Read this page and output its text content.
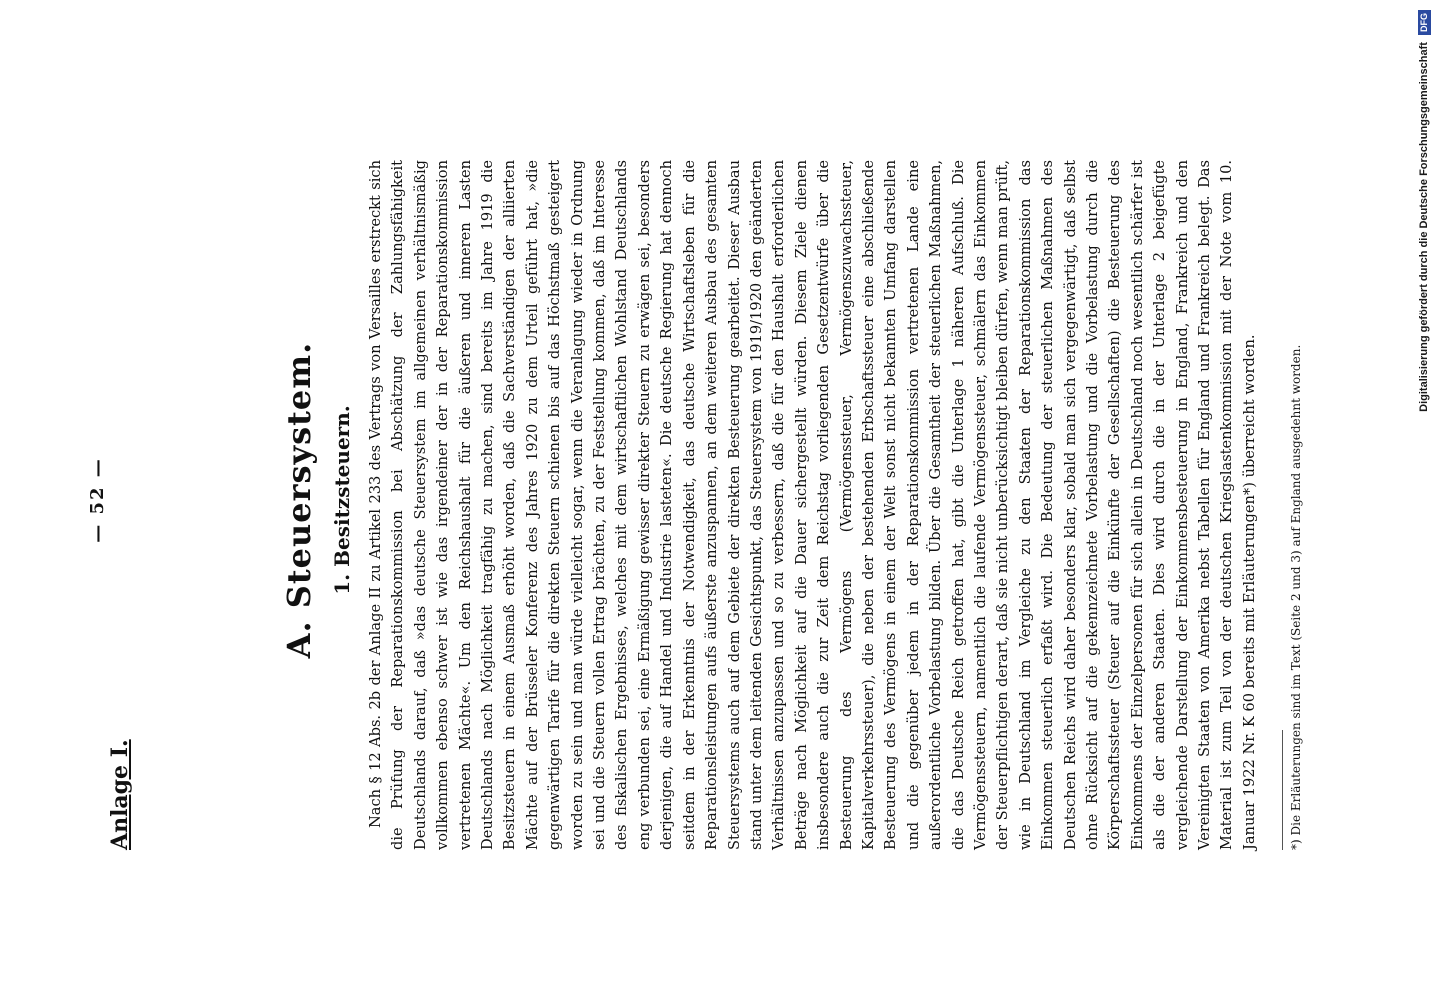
— 52 —
Anlage I.
A. Steuersystem. 1. Besitzsteuern. Nach § 12 Abs. 2b der Anlage II zu Artikel 233 des Vertrags von Versailles erstreckt sich die Prüfung der Reparationskommission bei Abschätzung der Zahlungsfähigkeit Deutschlands darauf, daß »das deutsche Steuersystem im allgemeinen verhältnismäßig vollkommen ebenso schwer ist wie das irgendeiner der in der Reparationskommission vertretenen Mächte«. Um den Reichshaushalt für die äußeren und inneren Lasten Deutschlands nach Möglichkeit tragfähig zu machen, sind bereits im Jahre 1919 die Besitzsteuern in einem Ausmaß erhöht worden, daß die Sachverständigen der alliierten Mächte auf der Brüsseler Konferenz des Jahres 1920 zu dem Urteil geführt hat, »die gegenwärtigen Tarife für die direkten Steuern schienen bis auf das Höchstmaß gesteigert worden zu sein und man würde vielleicht sogar, wenn die Veranlagung wieder in Ordnung sei und die Steuern vollen Ertrag brächten, zu der Feststellung kommen, daß im Interesse des fiskalischen Ergebnisses, welches mit dem wirtschaftlichen Wohlstand Deutschlands eng verbunden sei, eine Ermäßigung gewisser direkter Steuern zu erwägen sei, besonders derjenigen, die auf Handel und Industrie lasteten«. Die deutsche Regierung hat dennoch seitdem in der Erkenntnis der Notwendigkeit, das deutsche Wirtschaftsleben für die Reparationsleistungen aufs äußerste anzuspannen, an dem weiteren Ausbau des gesamten Steuersystems auch auf dem Gebiete der direkten Besteuerung gearbeitet. Dieser Ausbau stand unter dem leitenden Gesichtspunkt, das Steuersystem von 1919/1920 den geänderten Verhältnissen anzupassen und so zu verbessern, daß die für den Haushalt erforderlichen Beträge nach Möglichkeit auf die Dauer sichergestellt würden. Diesem Ziele dienen insbesondere auch die zur Zeit dem Reichstag vorliegenden Gesetzentwürfe über die Besteuerung des Vermögens (Vermögenssteuer, Vermögenszuwachssteuer, Kapitalverkehrssteuer), die neben der bestehenden Erbschaftssteuer eine abschließende Besteuerung des Vermögens in einem der Welt sonst nicht bekannten Umfang darstellen und die gegenüber jedem in der Reparationskommission vertretenen Lande eine außerordentliche Vorbelastung bilden. Über die Gesamtheit der steuerlichen Maßnahmen, die das Deutsche Reich getroffen hat, gibt die Unterlage 1 näheren Aufschluß. Die Vermögenssteuern, namentlich die laufende Vermögenssteuer, schmälern das Einkommen der Steuerpflichtigen derart, daß sie nicht unberücksichtigt bleiben dürfen, wenn man prüft, wie in Deutschland im Vergleiche zu den Staaten der Reparationskommission das Einkommen steuerlich erfaßt wird. Die Bedeutung der steuerlichen Maßnahmen des Deutschen Reichs wird daher besonders klar, sobald man sich vergegenwärtigt, daß selbst ohne Rücksicht auf die gekennzeichnete Vorbelastung und die Vorbelastung durch die Körperschaftssteuer (Steuer auf die Einkünfte der Gesellschaften) die Besteuerung des Einkommens der Einzelpersonen für sich allein in Deutschland noch wesentlich schärfer ist als die der anderen Staaten. Dies wird durch die in der Unterlage 2 beigefügte vergleichende Darstellung der Einkommensbesteuerung in England, Frankreich und den Vereinigten Staaten von Amerika nebst Tabellen für England und Frankreich belegt. Das Material ist zum Teil von der deutschen Kriegslastenkommission mit der Note vom 10. Januar 1922 Nr. K 60 bereits mit Erläuterungen*) überreicht worden.	*) Die Erläuterungen sind im Text (Seite 2 und 3) auf England ausgedehnt worden.
Digitalisierung gefördert durch die Deutsche Forschungsgemeinschaft DFG
